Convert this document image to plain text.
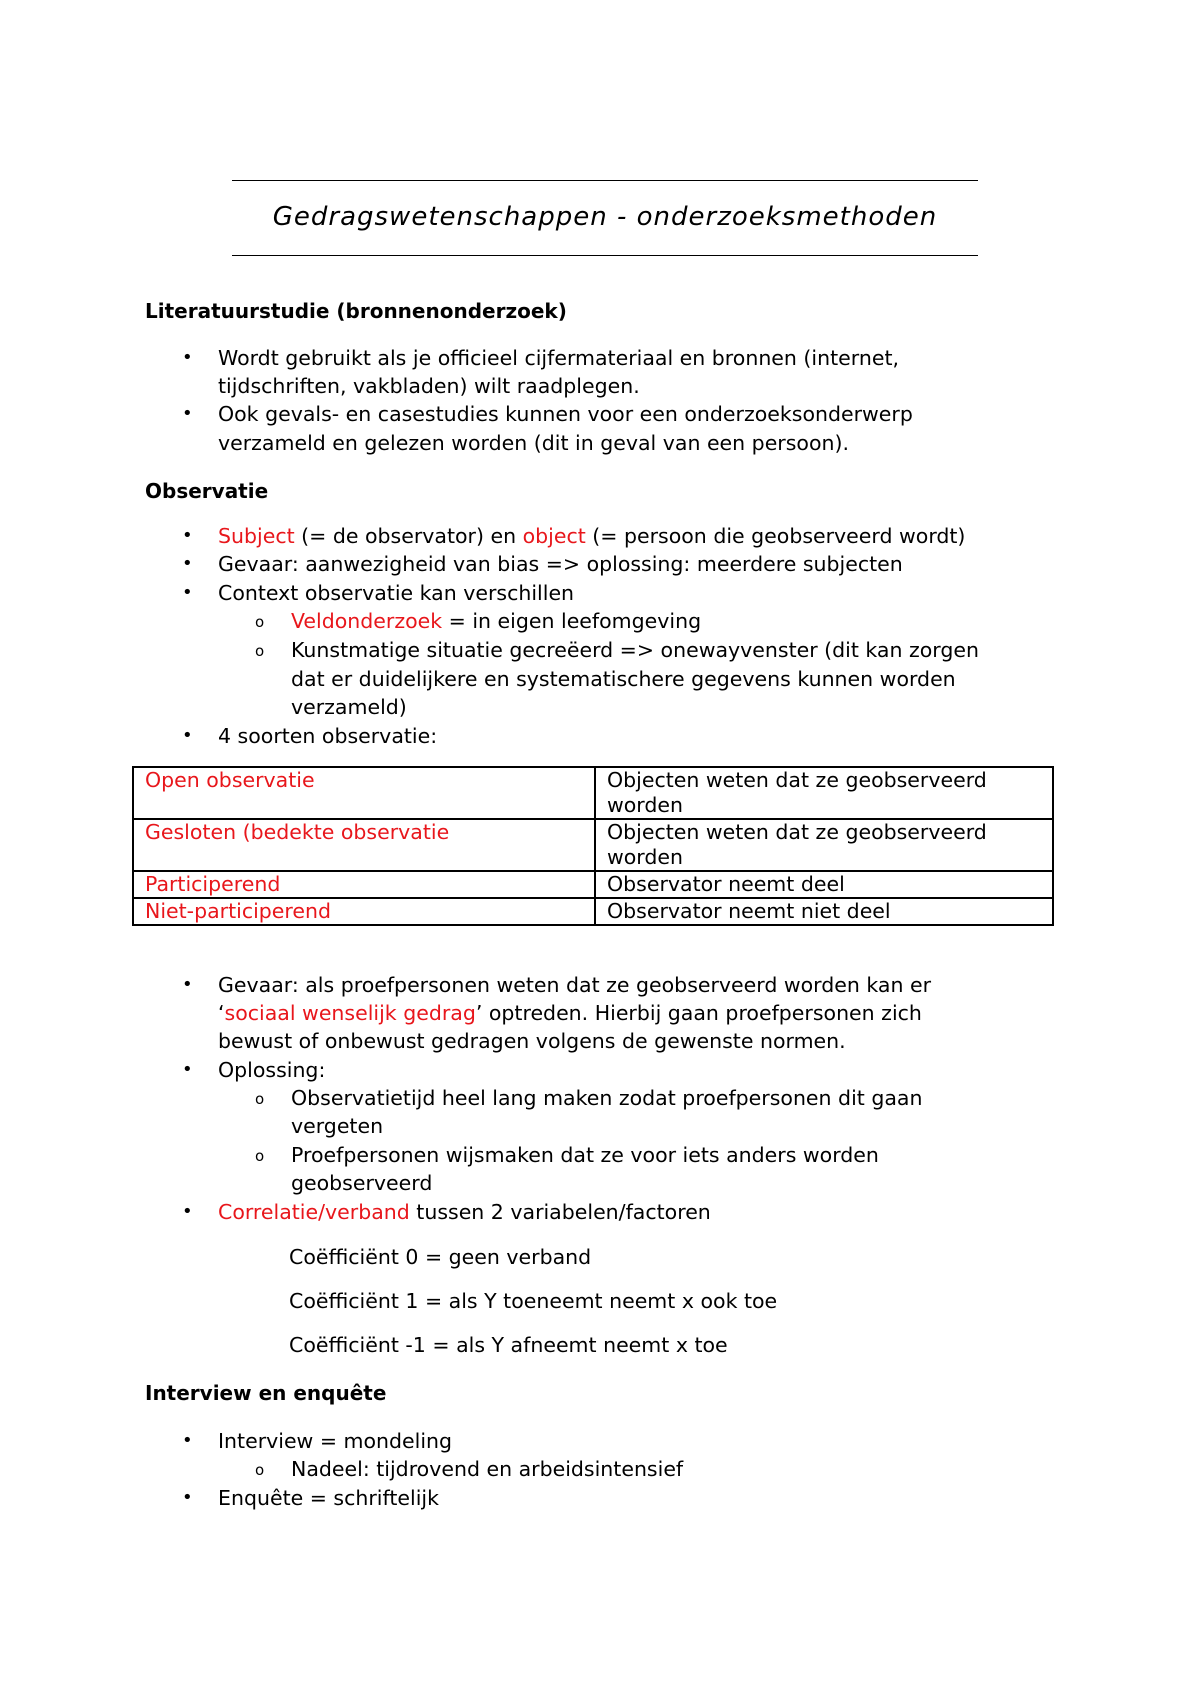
Gedragswetenschappen - onderzoeksmethoden
Literatuurstudie (bronnenonderzoek)
• Wordt gebruikt als je officieel cijfermateriaal en bronnen (internet,

tijdschriften, vakbladen) wilt raadplegen.

• Ook gevals- en casestudies kunnen voor een onderzoeksonderwerp

verzameld en gelezen worden (dit in geval van een persoon).

Observatie
• Subject (= de observator) en object (= persoon die geobserveerd wordt)

• Gevaar: aanwezigheid van bias => oplossing: meerdere subjecten

• Context observatie kan verschillen

o Veldonderzoek = in eigen leefomgeving

o Kunstmatige situatie gecreëerd => onewayvenster (dit kan zorgen

dat er duidelijkere en systematischere gegevens kunnen worden

verzameld)

• 4 soorten observatie:

Open observatie	Objecten weten dat ze geobserveerd worden
Gesloten (bedekte observatie	Objecten weten dat ze geobserveerd worden
Participerend	Observator neemt deel
Niet-participerend	Observator neemt niet deel
• Gevaar: als proefpersonen weten dat ze geobserveerd worden kan er

‘sociaal wenselijk gedrag’ optreden. Hierbij gaan proefpersonen zich

bewust of onbewust gedragen volgens de gewenste normen.

• Oplossing:

o Observatietijd heel lang maken zodat proefpersonen dit gaan

vergeten

o Proefpersonen wijsmaken dat ze voor iets anders worden

geobserveerd

• Correlatie/verband tussen 2 variabelen/factoren

Coëfficiënt 0 = geen verband

Coëfficiënt 1 = als Y toeneemt neemt x ook toe

Coëfficiënt -1 = als Y afneemt neemt x toe

Interview en enquête
• Interview = mondeling

o Nadeel: tijdrovend en arbeidsintensief

• Enquête = schriftelijk
